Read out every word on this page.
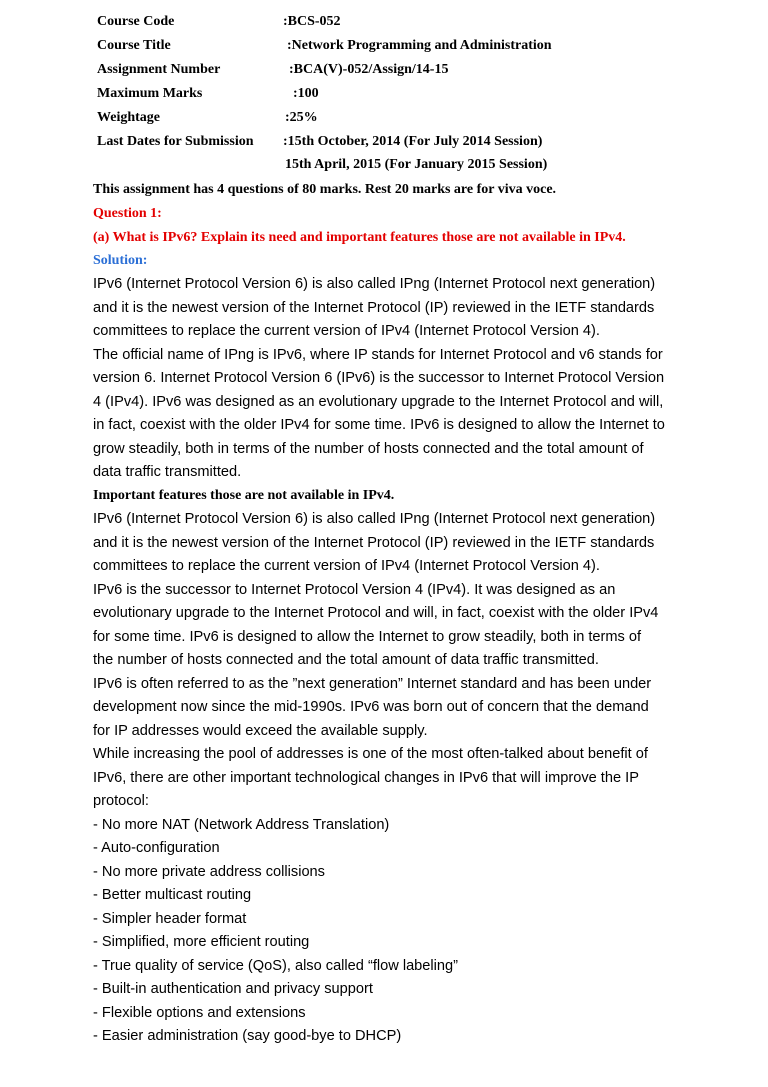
Course Code	:BCS-052
Course Title	:Network Programming and Administration
Assignment Number	:BCA(V)-052/Assign/14-15
Maximum Marks	:100
Weightage	:25%
Last Dates for Submission :15th October, 2014 (For July 2014 Session)
15th April, 2015 (For January 2015 Session)
This assignment has 4 questions of 80 marks. Rest 20 marks are for viva voce.
Question 1:
(a) What is IPv6? Explain its need and important features those are not available in IPv4.
Solution:
IPv6 (Internet Protocol Version 6) is also called IPng (Internet Protocol next generation)
and it is the newest version of the Internet Protocol (IP) reviewed in the IETF standards
committees to replace the current version of IPv4 (Internet Protocol Version 4).
The official name of IPng is IPv6, where IP stands for Internet Protocol and v6 stands for
version 6. Internet Protocol Version 6 (IPv6) is the successor to Internet Protocol Version
4 (IPv4). IPv6 was designed as an evolutionary upgrade to the Internet Protocol and will,
in fact, coexist with the older IPv4 for some time. IPv6 is designed to allow the Internet to
grow steadily, both in terms of the number of hosts connected and the total amount of
data traffic transmitted.
Important features those are not available in IPv4.
IPv6 (Internet Protocol Version 6) is also called IPng (Internet Protocol next generation)
and it is the newest version of the Internet Protocol (IP) reviewed in the IETF standards
committees to replace the current version of IPv4 (Internet Protocol Version 4).
IPv6 is the successor to Internet Protocol Version 4 (IPv4). It was designed as an
evolutionary upgrade to the Internet Protocol and will, in fact, coexist with the older IPv4
for some time. IPv6 is designed to allow the Internet to grow steadily, both in terms of
the number of hosts connected and the total amount of data traffic transmitted.
IPv6 is often referred to as the ”next generation” Internet standard and has been under
development now since the mid-1990s. IPv6 was born out of concern that the demand
for IP addresses would exceed the available supply.
While increasing the pool of addresses is one of the most often-talked about benefit of
IPv6, there are other important technological changes in IPv6 that will improve the IP
protocol:
- No more NAT (Network Address Translation)
- Auto-configuration
- No more private address collisions
- Better multicast routing
- Simpler header format
- Simplified, more efficient routing
- True quality of service (QoS), also called “flow labeling”
- Built-in authentication and privacy support
- Flexible options and extensions
- Easier administration (say good-bye to DHCP)
